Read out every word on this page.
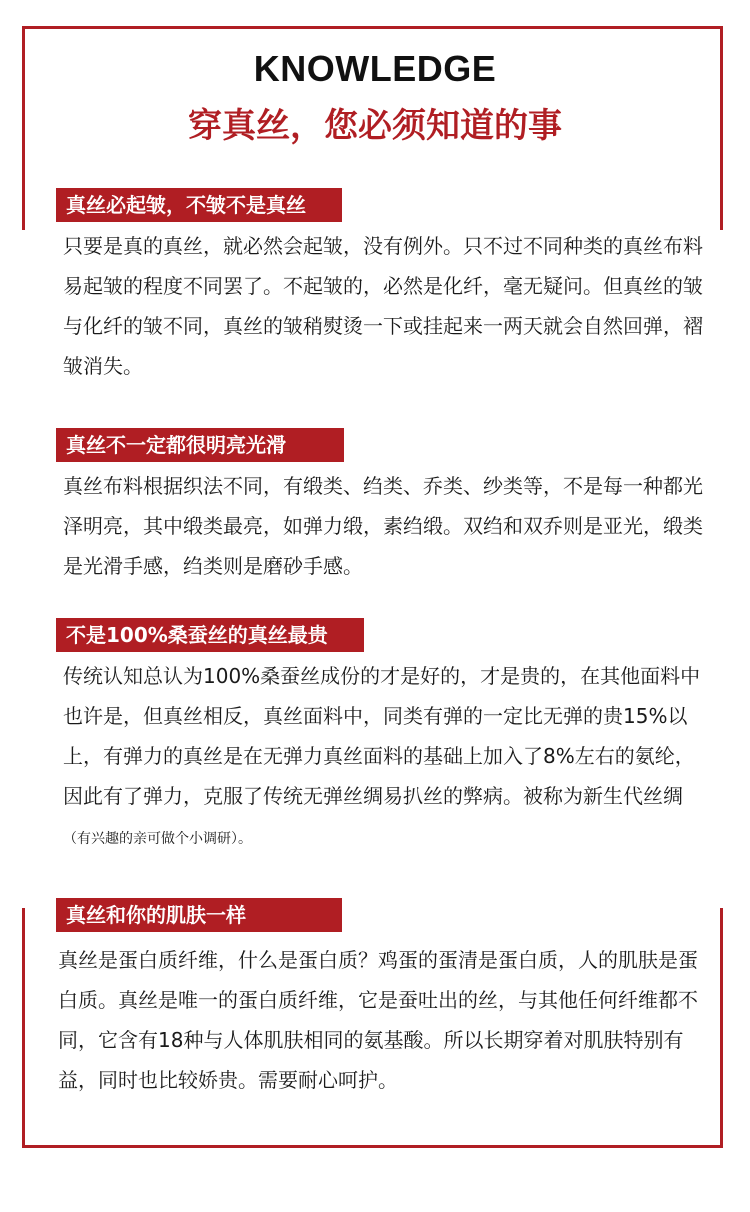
KNOWLEDGE
穿真丝，您必须知道的事
真丝必起皱，不皱不是真丝
只要是真的真丝，就必然会起皱，没有例外。只不过不同种类的真丝布料易起皱的程度不同罢了。不起皱的，必然是化纤，毫无疑问。但真丝的皱与化纤的皱不同，真丝的皱稍熨烫一下或挂起来一两天就会自然回弹，褶皱消失。
真丝不一定都很明亮光滑
真丝布料根据织法不同，有缎类、绉类、乔类、纱类等，不是每一种都光泽明亮，其中缎类最亮，如弹力缎，素绉缎。双绉和双乔则是亚光，缎类是光滑手感，绉类则是磨砂手感。
不是100%桑蚕丝的真丝最贵
传统认知总认为100%桑蚕丝成份的才是好的，才是贵的，在其他面料中也许是，但真丝相反，真丝面料中，同类有弹的一定比无弹的贵15%以上，有弹力的真丝是在无弹力真丝面料的基础上加入了8%左右的氨纶，因此有了弹力，克服了传统无弹丝绸易扒丝的弊病。被称为新生代丝绸（有兴趣的亲可做个小调研）。
真丝和你的肌肤一样
真丝是蛋白质纤维，什么是蛋白质？鸡蛋的蛋清是蛋白质，人的肌肤是蛋白质。真丝是唯一的蛋白质纤维，它是蚕吐出的丝，与其他任何纤维都不同，它含有18种与人体肌肤相同的氨基酸。所以长期穿着对肌肤特别有益，同时也比较娇贵。需要耐心呵护。
